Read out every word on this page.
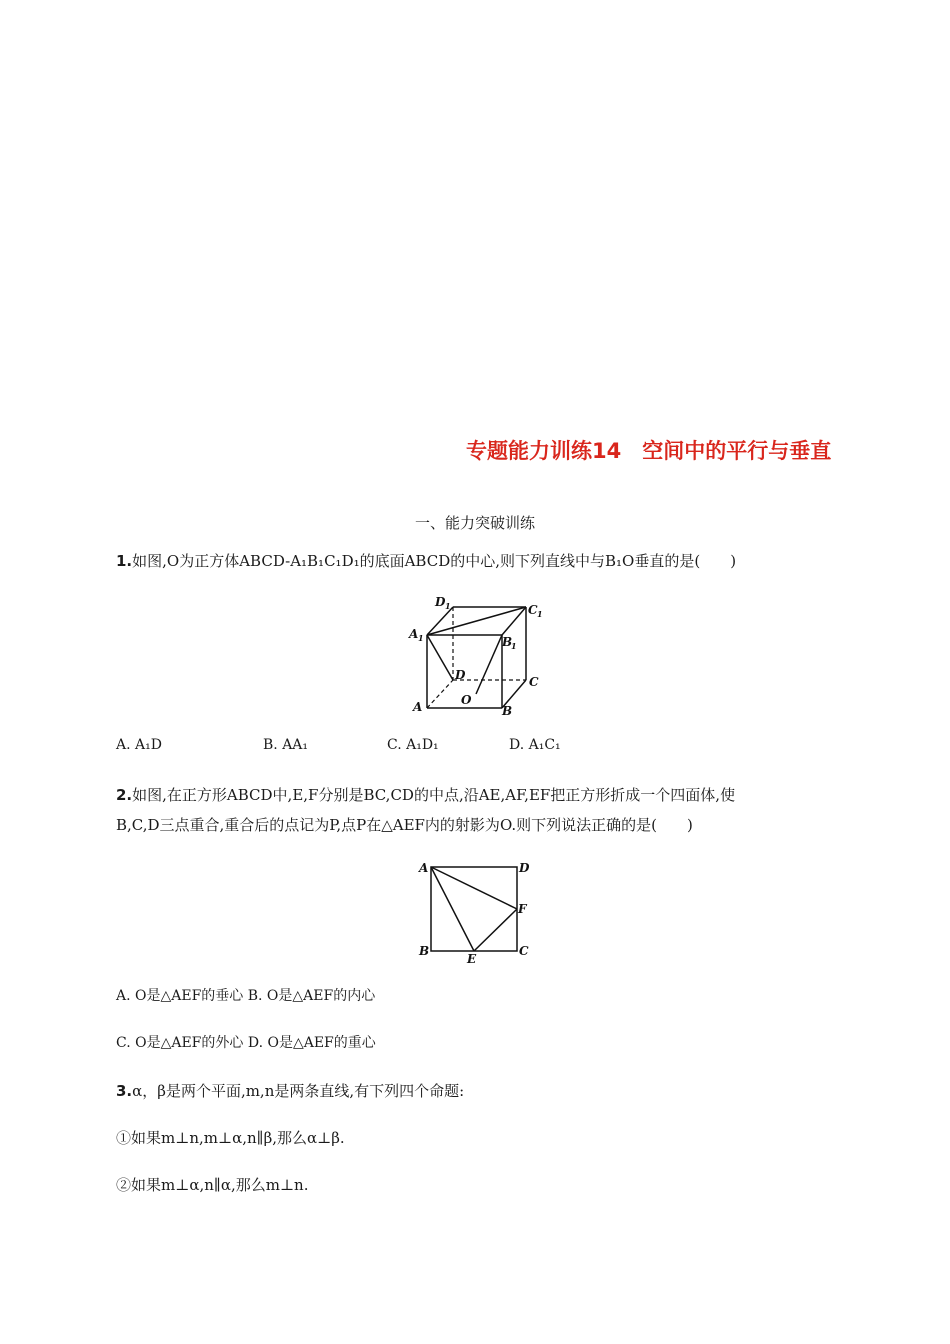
专题能力训练14　空间中的平行与垂直
一、能力突破训练
1.如图,O为正方体ABCD-A₁B₁C₁D₁的底面ABCD的中心,则下列直线中与B₁O垂直的是(　　)
D 1	C 1
A 1	B
1
D	C
O
A	B
A. A₁D	B. AA₁	C. A₁D₁	D. A₁C₁
2.如图,在正方形ABCD中,E,F分别是BC,CD的中点,沿AE,AF,EF把正方形折成一个四面体,使
B,C,D三点重合,重合后的点记为P,点P在△AEF内的射影为O.则下列说法正确的是(　　)
A	D
F
B
E
C
A. O是△AEF的垂心 B. O是△AEF的内心
C. O是△AEF的外心 D. O是△AEF的重心
3.α，β是两个平面,m,n是两条直线,有下列四个命题:
①如果m⊥n,m⊥α,n∥β,那么α⊥β.
②如果m⊥α,n∥α,那么m⊥n.
